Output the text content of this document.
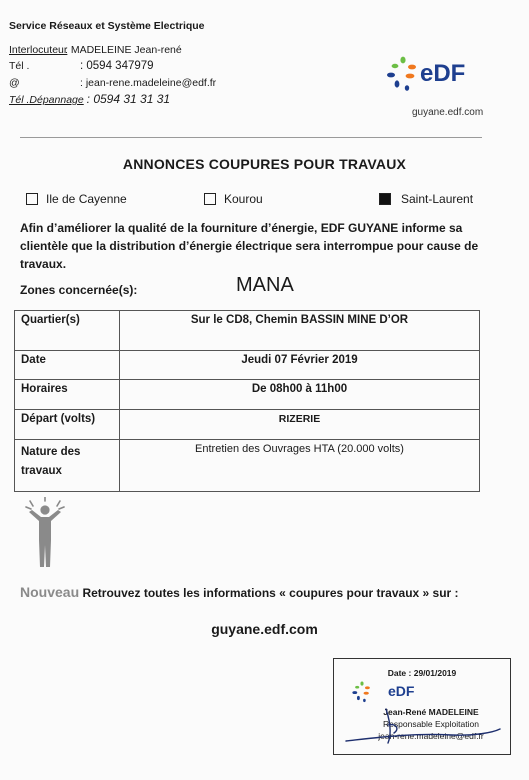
Service Réseaux et Système Electrique
Interlocuteur
: MADELEINE Jean-rené
Tél .	: 0594 347979
@	: jean-rene.madeleine@edf.fr
Tél .Dépannage : 0594 31 31 31
eDF
guyane.edf.com
ANNONCES COUPURES POUR TRAVAUX
Ile de Cayenne	Kourou	Saint-Laurent
Afin d’améliorer la qualité de la fourniture d’énergie, EDF GUYANE informe sa clientèle que la distribution d’énergie électrique sera interrompue pour cause de travaux.
Zones concernée(s):	MANA
Quartier(s)	Sur le CD8, Chemin BASSIN MINE D’OR
Date	Jeudi 07 Février 2019
Horaires	De 08h00 à 11h00
Départ (volts)	RIZERIE
Nature des travaux	Entretien des Ouvrages HTA (20.000 volts)
Nouveau Retrouvez toutes les informations « coupures pour travaux » sur :
guyane.edf.com
Date : 29/01/2019
eDF
Jean-René MADELEINE
Responsable Exploitation
jean-rene.madeleine@edf.fr
